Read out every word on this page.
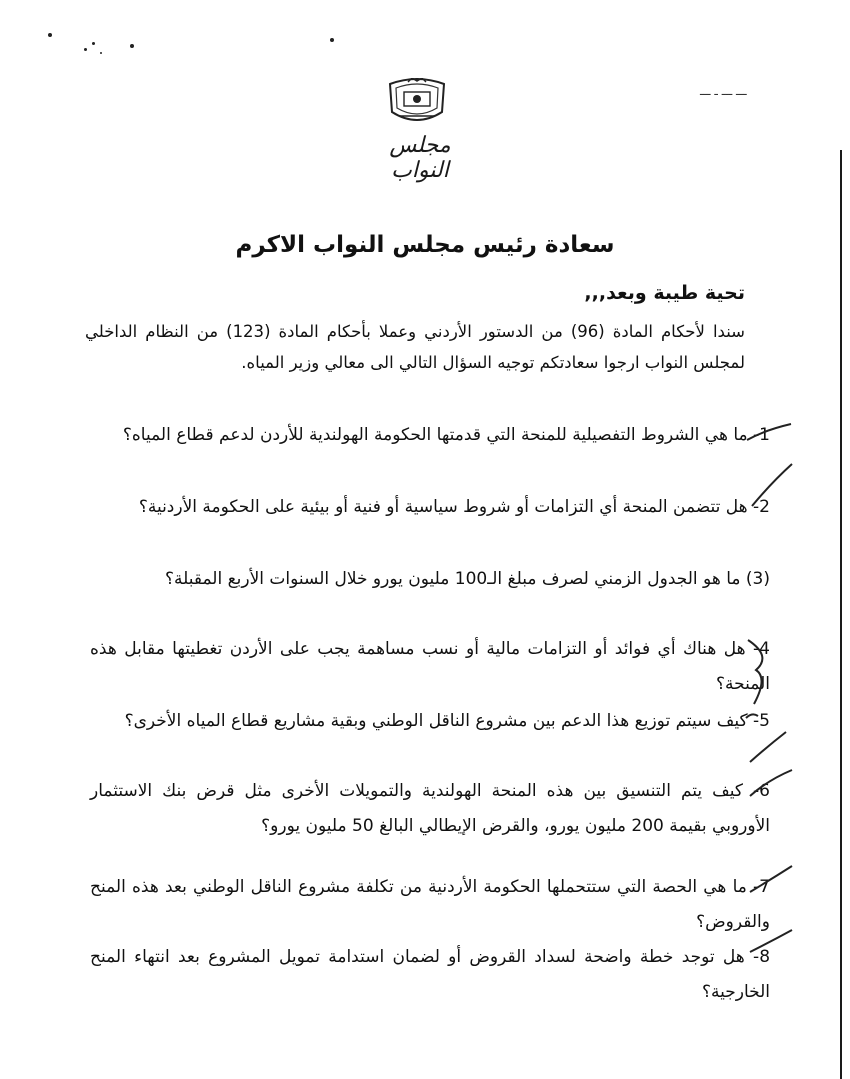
مجلس النواب
ـــ ـــ ـ ـــ
سعادة رئيس مجلس النواب الاكرم
تحية طيبة وبعد,,,
سندا لأحكام المادة (96) من الدستور الأردني وعملا بأحكام المادة (123) من النظام الداخلي لمجلس النواب ارجوا سعادتكم توجيه السؤال التالي الى معالي وزير المياه.
1- ما هي الشروط التفصيلية للمنحة التي قدمتها الحكومة الهولندية للأردن لدعم قطاع المياه؟
2- هل تتضمن المنحة أي التزامات أو شروط سياسية أو فنية أو بيئية على الحكومة الأردنية؟
(3) ما هو الجدول الزمني لصرف مبلغ الـ100 مليون يورو خلال السنوات الأربع المقبلة؟
4- هل هناك أي فوائد أو التزامات مالية أو نسب مساهمة يجب على الأردن تغطيتها مقابل هذه المنحة؟
5- كيف سيتم توزيع هذا الدعم بين مشروع الناقل الوطني وبقية مشاريع قطاع المياه الأخرى؟
6- كيف يتم التنسيق بين هذه المنحة الهولندية والتمويلات الأخرى مثل قرض بنك الاستثمار الأوروبي بقيمة 200 مليون يورو، والقرض الإيطالي البالغ 50 مليون يورو؟
7- ما هي الحصة التي ستتحملها الحكومة الأردنية من تكلفة مشروع الناقل الوطني بعد هذه المنح والقروض؟
8- هل توجد خطة واضحة لسداد القروض أو لضمان استدامة تمويل المشروع بعد انتهاء المنح الخارجية؟
